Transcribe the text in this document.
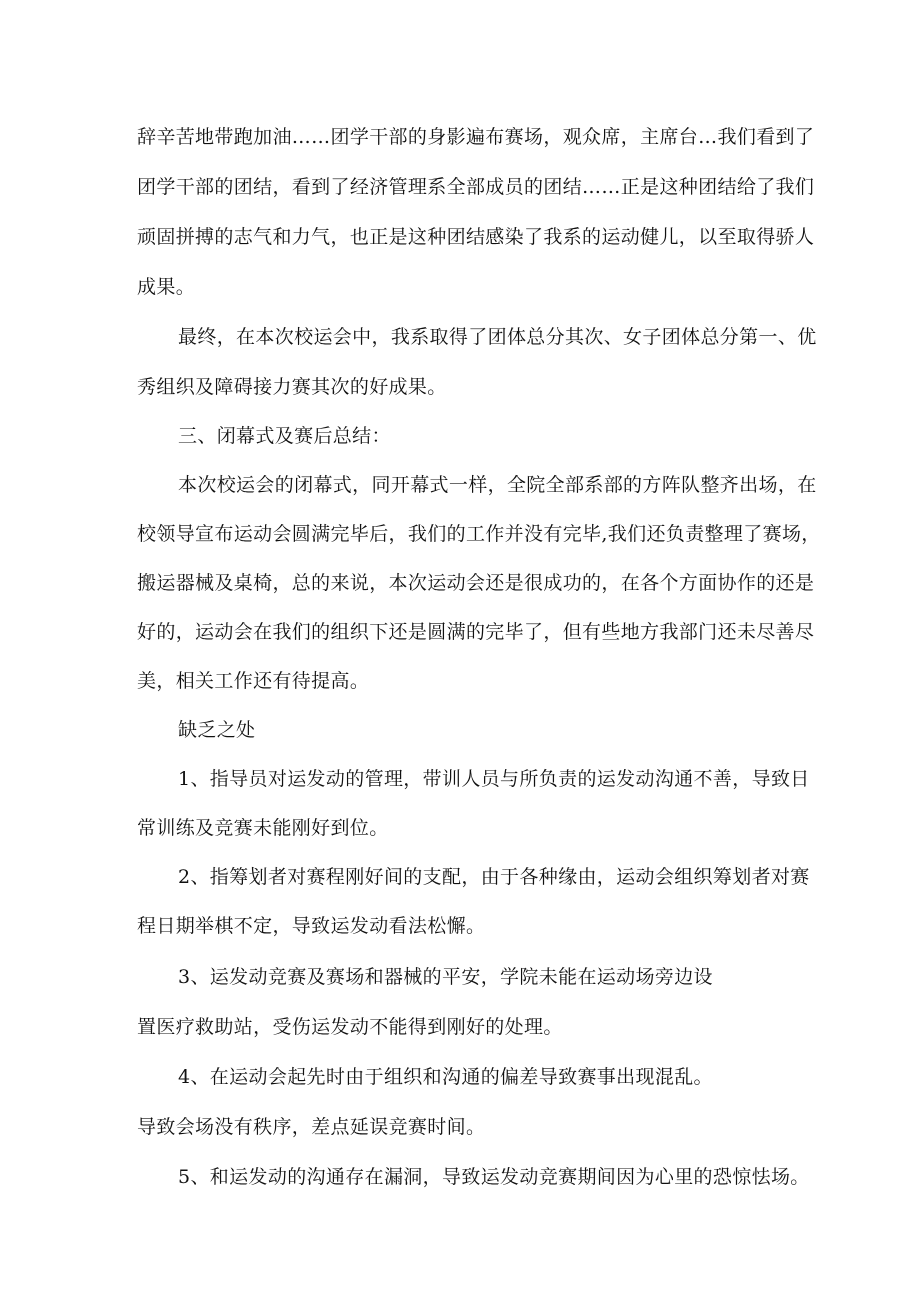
辞辛苦地带跑加油……团学干部的身影遍布赛场，观众席，主席台…我们看到了
团学干部的团结，看到了经济管理系全部成员的团结……正是这种团结给了我们
顽固拼搏的志气和力气，也正是这种团结感染了我系的运动健儿，以至取得骄人
成果。
最终，在本次校运会中，我系取得了团体总分其次、女子团体总分第一、优
秀组织及障碍接力赛其次的好成果。
三、闭幕式及赛后总结：
本次校运会的闭幕式，同开幕式一样，全院全部系部的方阵队整齐出场，在
校领导宣布运动会圆满完毕后，我们的工作并没有完毕,我们还负责整理了赛场，
搬运器械及桌椅，总的来说，本次运动会还是很成功的，在各个方面协作的还是
好的，运动会在我们的组织下还是圆满的完毕了，但有些地方我部门还未尽善尽
美，相关工作还有待提高。
缺乏之处
1、指导员对运发动的管理，带训人员与所负责的运发动沟通不善，导致日
常训练及竞赛未能刚好到位。
2、指筹划者对赛程刚好间的支配，由于各种缘由，运动会组织筹划者对赛
程日期举棋不定，导致运发动看法松懈。
3、运发动竞赛及赛场和器械的平安，学院未能在运动场旁边设
置医疗救助站，受伤运发动不能得到刚好的处理。
4、在运动会起先时由于组织和沟通的偏差导致赛事出现混乱。
导致会场没有秩序，差点延误竞赛时间。
5、和运发动的沟通存在漏洞，导致运发动竞赛期间因为心里的恐惊怯场。
